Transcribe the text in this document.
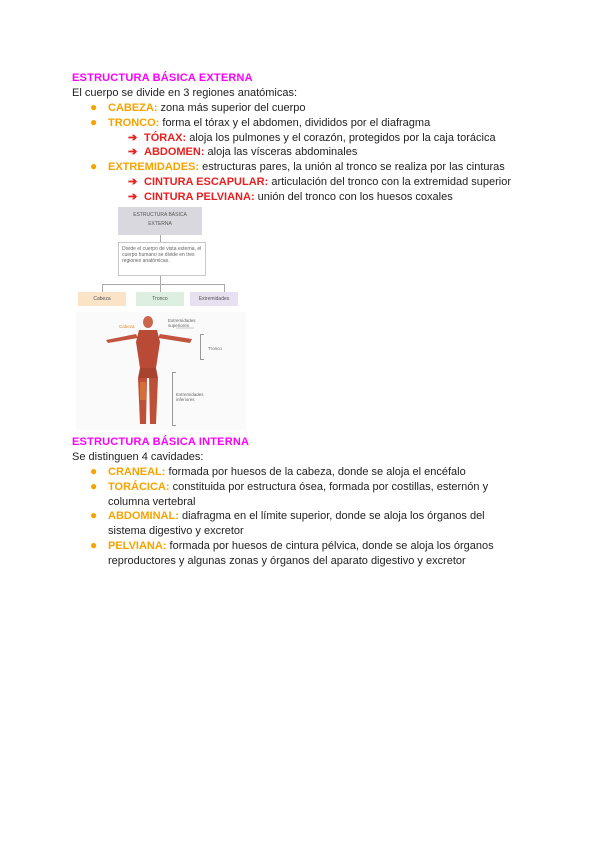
ESTRUCTURA BÁSICA EXTERNA
El cuerpo se divide en 3 regiones anatómicas:
● CABEZA: zona más superior del cuerpo
● TRONCO: forma el tórax y el abdomen, divididos por el diafragma
➔ TÓRAX: aloja los pulmones y el corazón, protegidos por la caja torácica
➔ ABDOMEN: aloja las vísceras abdominales
● EXTREMIDADES: estructuras pares, la unión al tronco se realiza por las cinturas
➔ CINTURA ESCAPULAR: articulación del tronco con la extremidad superior
➔ CINTURA PELVIANA: unión del tronco con los huesos coxales
ESTRUCTURA BÁSICA
EXTERNA
Divide el cuerpo de vista externa, el cuerpo humano se divide en tres regiones anatómicas.
Cabeza	Tronco	Extremidades
Cabeza
Extremidades superiores
Tronco
Extremidades inferiores
ESTRUCTURA BÁSICA INTERNA
Se distinguen 4 cavidades:
● CRANEAL: formada por huesos de la cabeza, donde se aloja el encéfalo
● TORÁCICA: constituida por estructura ósea, formada por costillas, esternón y
columna vertebral
● ABDOMINAL: diafragma en el límite superior, donde se aloja los órganos del
sistema digestivo y excretor
● PELVIANA: formada por huesos de cintura pélvica, donde se aloja los órganos
reproductores y algunas zonas y órganos del aparato digestivo y excretor
